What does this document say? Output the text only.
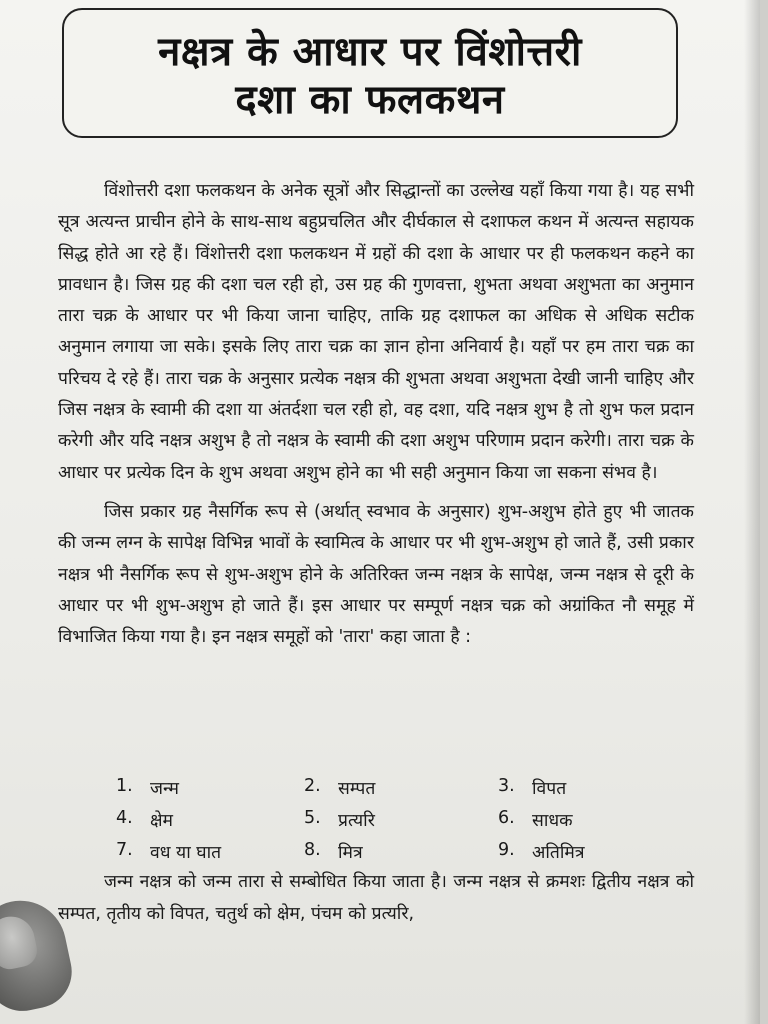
नक्षत्र के आधार पर विंशोत्तरी
दशा का फलकथन

विंशोत्तरी दशा फलकथन के अनेक सूत्रों और सिद्धान्तों का उल्लेख यहाँ किया गया है। यह सभी सूत्र अत्यन्त प्राचीन होने के साथ-साथ बहुप्रचलित और दीर्घकाल से दशाफल कथन में अत्यन्त सहायक सिद्ध होते आ रहे हैं। विंशोत्तरी दशा फलकथन में ग्रहों की दशा के आधार पर ही फलकथन कहने का प्रावधान है। जिस ग्रह की दशा चल रही हो, उस ग्रह की गुणवत्ता, शुभता अथवा अशुभता का अनुमान तारा चक्र के आधार पर भी किया जाना चाहिए, ताकि ग्रह दशाफल का अधिक से अधिक सटीक अनुमान लगाया जा सके। इसके लिए तारा चक्र का ज्ञान होना अनिवार्य है। यहाँ पर हम तारा चक्र का परिचय दे रहे हैं। तारा चक्र के अनुसार प्रत्येक नक्षत्र की शुभता अथवा अशुभता देखी जानी चाहिए और जिस नक्षत्र के स्वामी की दशा या अंतर्दशा चल रही हो, वह दशा, यदि नक्षत्र शुभ है तो शुभ फल प्रदान करेगी और यदि नक्षत्र अशुभ है तो नक्षत्र के स्वामी की दशा अशुभ परिणाम प्रदान करेगी। तारा चक्र के आधार पर प्रत्येक दिन के शुभ अथवा अशुभ होने का भी सही अनुमान किया जा सकना संभव है।

जिस प्रकार ग्रह नैसर्गिक रूप से (अर्थात् स्वभाव के अनुसार) शुभ-अशुभ होते हुए भी जातक की जन्म लग्न के सापेक्ष विभिन्न भावों के स्वामित्व के आधार पर भी शुभ-अशुभ हो जाते हैं, उसी प्रकार नक्षत्र भी नैसर्गिक रूप से शुभ-अशुभ होने के अतिरिक्त जन्म नक्षत्र के सापेक्ष, जन्म नक्षत्र से दूरी के आधार पर भी शुभ-अशुभ हो जाते हैं। इस आधार पर सम्पूर्ण नक्षत्र चक्र को अग्रांकित नौ समूह में विभाजित किया गया है। इन नक्षत्र समूहों को 'तारा' कहा जाता है :

1. जन्म	2. सम्पत	3. विपत
4. क्षेम	5. प्रत्यरि	6. साधक
7. वध या घात	8. मित्र	9. अतिमित्र

जन्म नक्षत्र को जन्म तारा से सम्बोधित किया जाता है। जन्म नक्षत्र से क्रमशः द्वितीय नक्षत्र को सम्पत, तृतीय को विपत, चतुर्थ को क्षेम, पंचम को प्रत्यरि,
